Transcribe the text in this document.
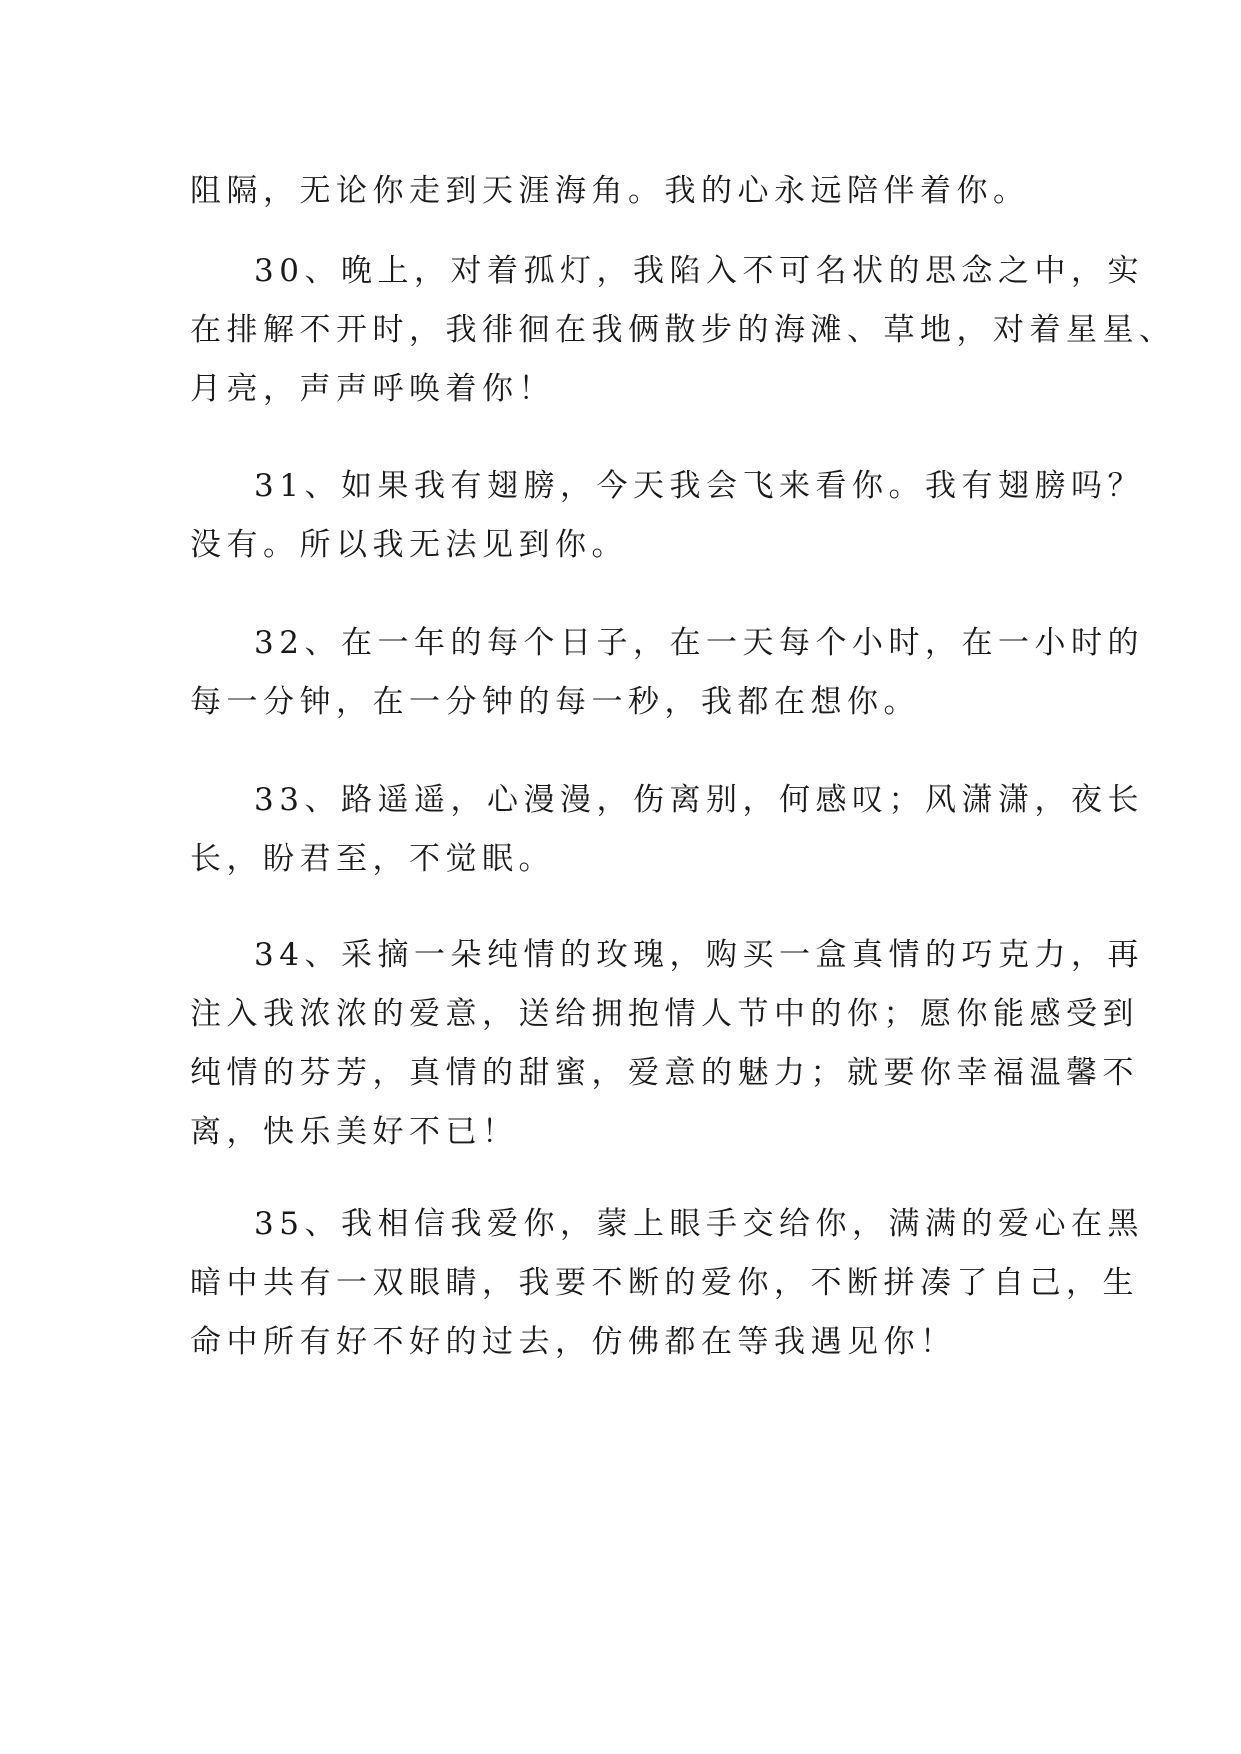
阻隔，无论你走到天涯海角。我的心永远陪伴着你。
30、晚上，对着孤灯，我陷入不可名状的思念之中，实
在排解不开时，我徘徊在我俩散步的海滩、草地，对着星星、
月亮，声声呼唤着你！
31、如果我有翅膀，今天我会飞来看你。我有翅膀吗？
没有。所以我无法见到你。
32、在一年的每个日子，在一天每个小时，在一小时的
每一分钟，在一分钟的每一秒，我都在想你。
33、路遥遥，心漫漫，伤离别，何感叹；风潇潇，夜长
长，盼君至，不觉眠。
34、采摘一朵纯情的玫瑰，购买一盒真情的巧克力，再
注入我浓浓的爱意，送给拥抱情人节中的你；愿你能感受到
纯情的芬芳，真情的甜蜜，爱意的魅力；就要你幸福温馨不
离，快乐美好不已！
35、我相信我爱你，蒙上眼手交给你，满满的爱心在黑
暗中共有一双眼睛，我要不断的爱你，不断拼凑了自己，生
命中所有好不好的过去，仿佛都在等我遇见你！
